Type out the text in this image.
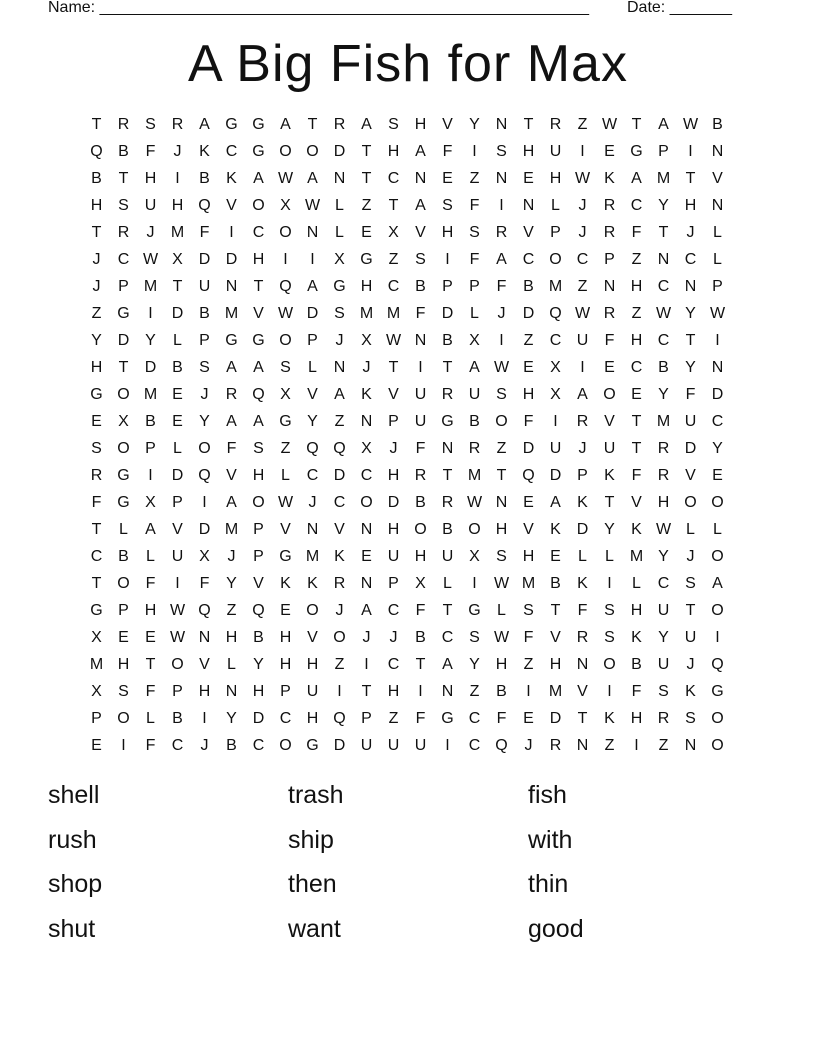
Name: _______________________________________________________ Date: _______
A Big Fish for Max
T	R S R A G G A	T	R A	S H V	Y N	T	R	Z W T	A W B
Q B	F	J	K C G O O D	T	H A	F	I	S H U	I	E G P	I	N
B	T	H	I	B	K	A W A N	T	C N E	Z	N E H W K	A M T	V
H S U H Q V O X W L	Z	T	A	S	F	I	N	L	J	R C Y H N
T	R	J	M F	I	C O N	L	E	X	V H S R V	P	J	R	F	T	J	L
J	C W X D D H	I	I	X G Z	S	I	F	A C O C P	Z	N C	L
J	P M T	U N	T Q A G H C B	P	P	F	B M Z	N H C N P
Z G	I	D B M V W D S M M F	D	L	J	D Q W R	Z W Y W
Y D Y	L	P G G O P	J	X W N B	X	I	Z	C U	F	H C	T	I
H	T	D B	S	A	A	S	L	N	J	T	I	T	A W E	X	I	E C B	Y N
G O M E	J	R Q X	V	A	K	V U R U S H X	A O E	Y	F	D
E	X	B	E	Y	A	A G Y	Z	N P U G B O F	I	R V	T M U C
S O P	L	O F	S	Z Q Q X	J	F	N R	Z	D U	J	U	T	R D Y
R G	I	D Q V H	L	C D C H R	T M T Q D P	K	F	R V	E
F G X	P	I	A O W J	C O D B R W N E	A	K	T	V H O O
T	L	A	V D M P	V N V N H O B O H V	K D Y	K W L	L
C B	L	U X	J	P G M K	E U H U X	S H E	L	L M Y	J	O
T O F	I	F	Y	V	K	K R N P	X	L	I	W M B	K	I	L	C S	A
G P H W Q Z Q E O	J	A C	F	T G	L	S	T	F	S H U	T O
X	E	E W N H B H V O	J	J	B C S W F	V R S	K	Y U	I
M H	T O V	L	Y H H	Z	I	C	T	A	Y H	Z	H N O B U	J	Q
X	S	F	P H N H P U	I	T	H	I	N	Z	B	I	M V	I	F	S	K G
P O	L	B	I	Y D C H Q P	Z	F G C	F	E D	T	K H R S O
E	I	F	C	J	B C O G D U U U	I	C Q	J	R N	Z	I	Z	N O
shell	trash	fish
rush	ship	with
shop	then	thin
shut	want	good
